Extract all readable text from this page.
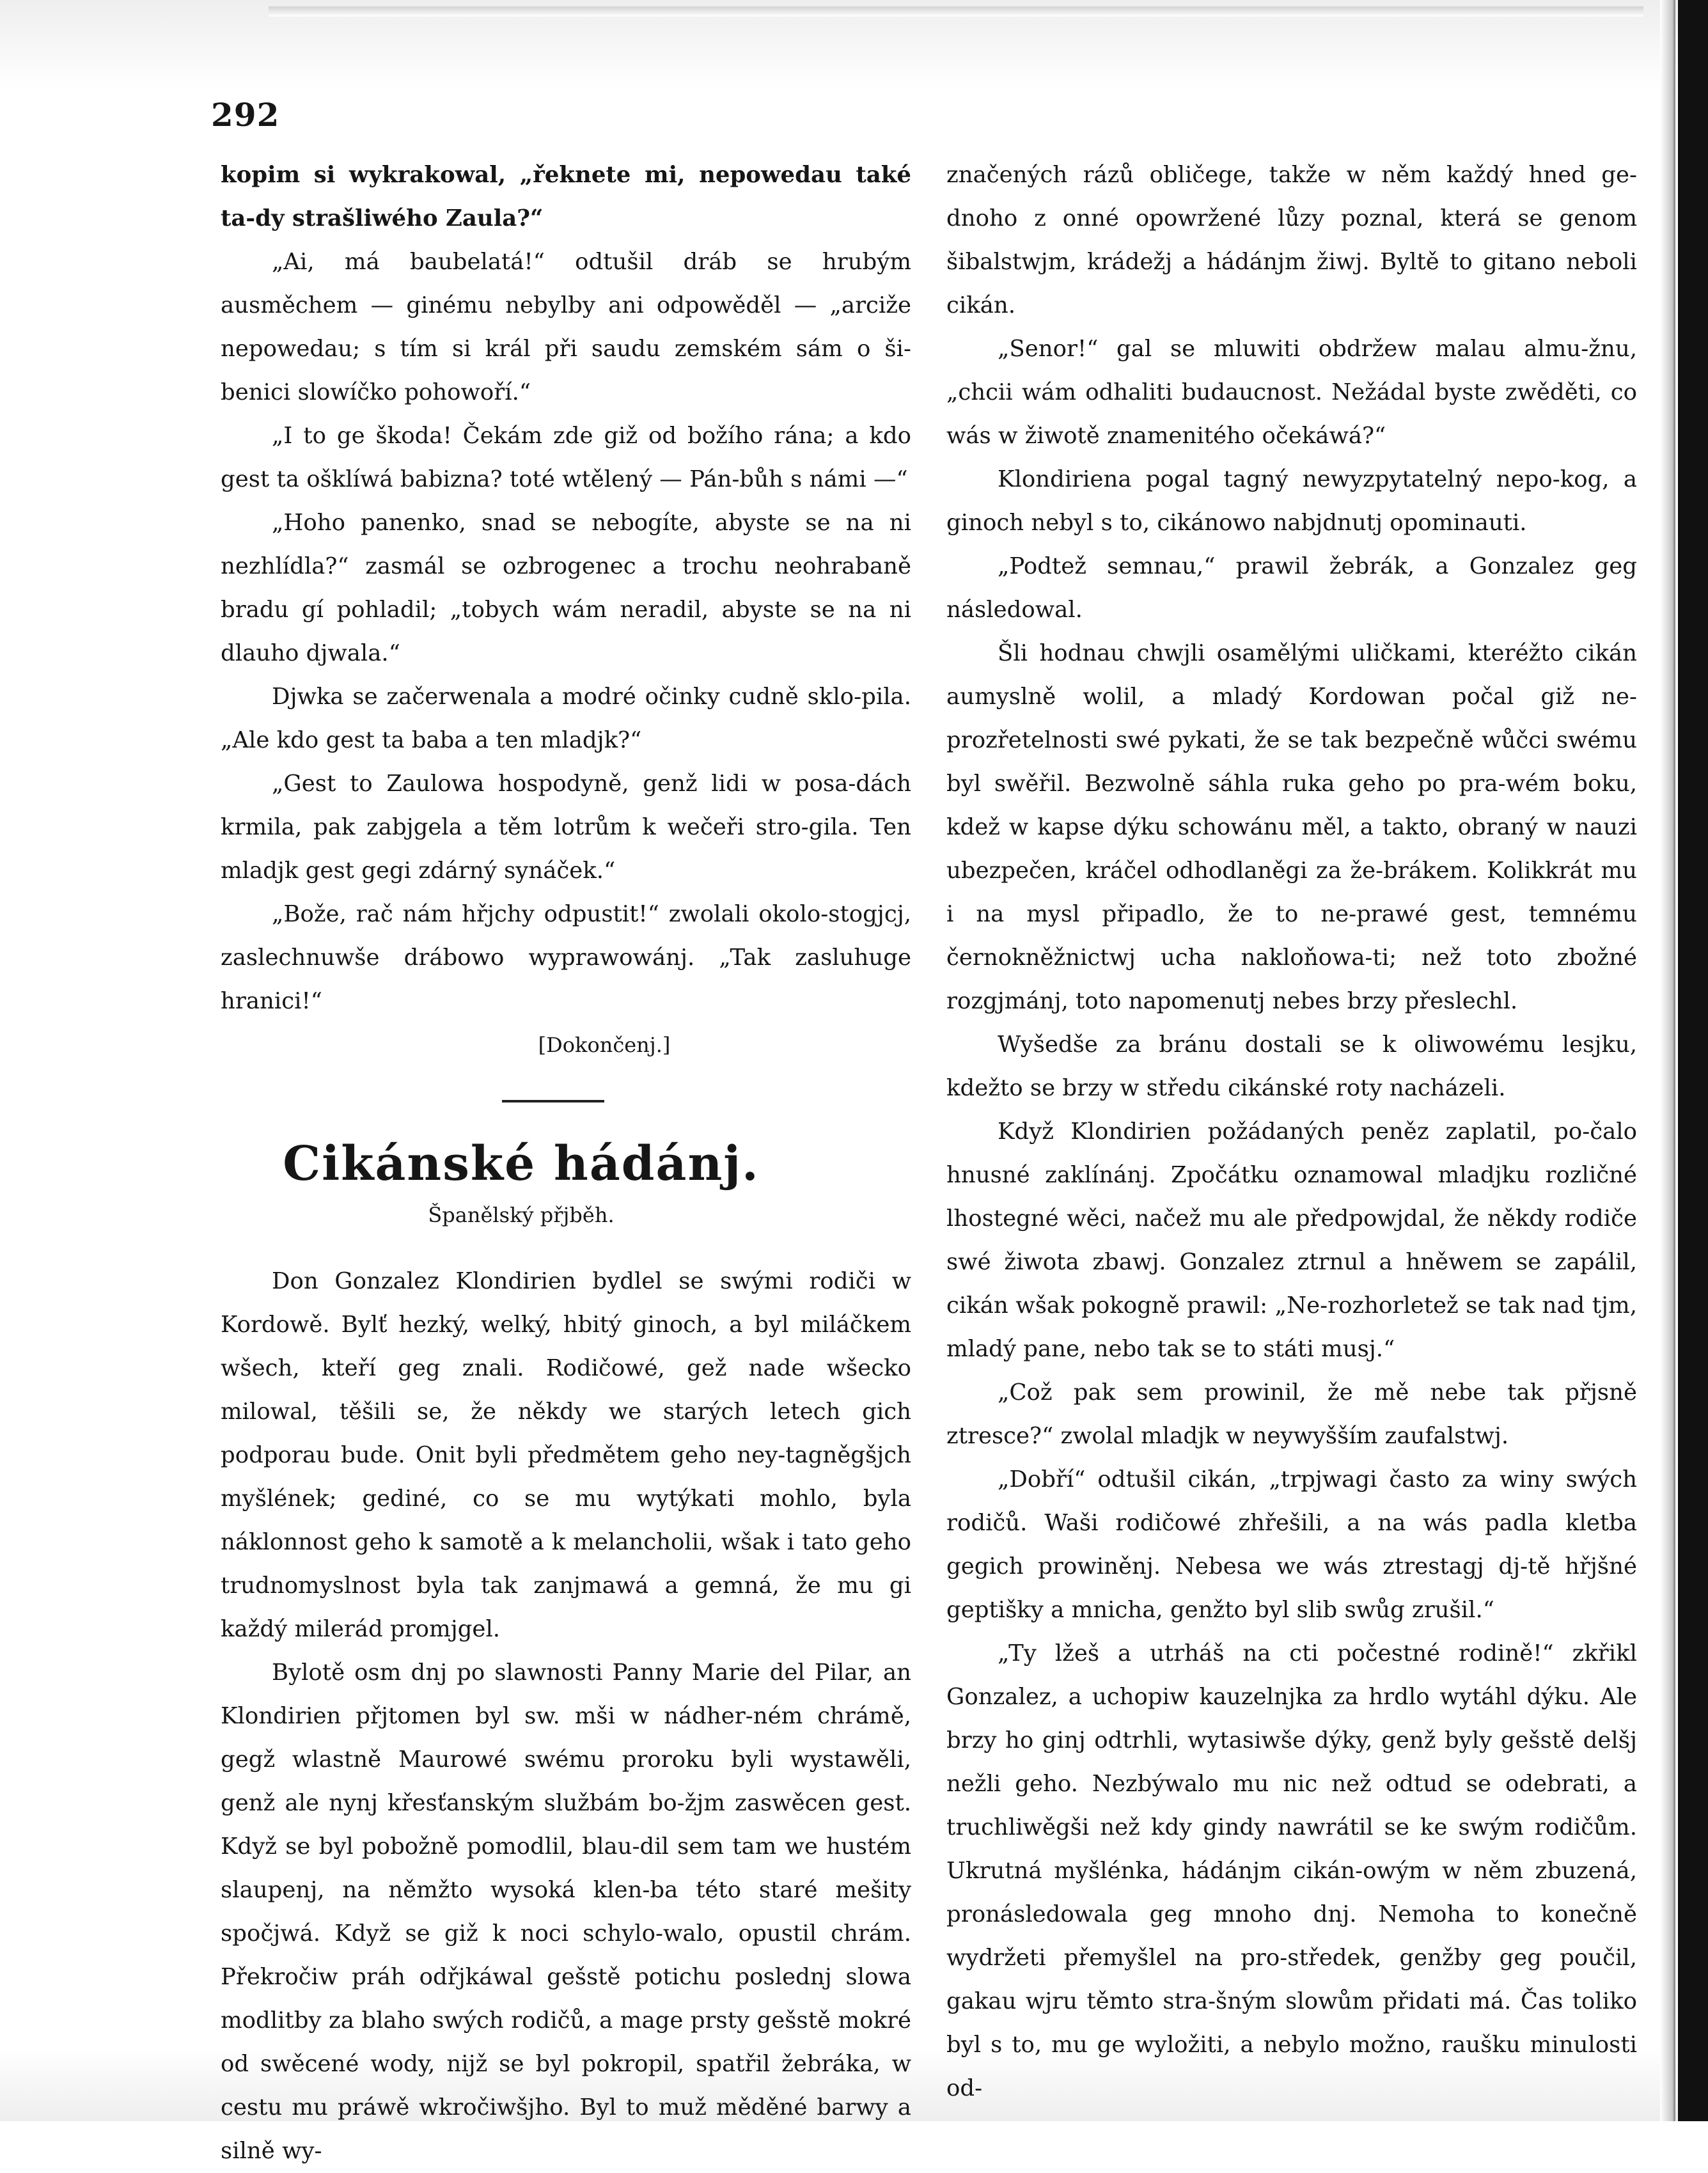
292

kopim si wykrakowal, „řeknete mi, nepowedau také ta-dy strašliwého Zaula?“

„Ai, má baubelatá!“ odtušil dráb se hrubým ausměchem — ginému nebylby ani odpowěděl — „arciže nepowedau; s tím si král při saudu zemském sám o ši-benici slowíčko pohowoří.“

„I to ge škoda! Čekám zde giž od božího rána; a kdo gest ta ošklíwá babizna? toté wtělený — Pán-bůh s námi —“

„Hoho panenko, snad se nebogíte, abyste se na ni nezhlídla?“ zasmál se ozbrogenec a trochu neohrabaně bradu gí pohladil; „tobych wám neradil, abyste se na ni dlauho djwala.“

Djwka se začerwenala a modré očinky cudně sklo-pila. „Ale kdo gest ta baba a ten mladjk?“

„Gest to Zaulowa hospodyně, genž lidi w posa-dách krmila, pak zabjgela a těm lotrům k wečeři stro-gila. Ten mladjk gest gegi zdárný synáček.“

„Bože, rač nám hřjchy odpustit!“ zwolali okolo-stogjcj, zaslechnuwše drábowo wyprawowánj. „Tak zasluhuge hranici!“

[Dokončenj.]
Cikánské hádánj.
Španělský přjběh.

Don Gonzalez Klondirien bydlel se swými rodiči w Kordowě. Bylť hezký, welký, hbitý ginoch, a byl miláčkem wšech, kteří geg znali. Rodičowé, gež nade wšecko milowal, těšili se, že někdy we starých letech gich podporau bude. Onit byli předmětem geho ney-tagněgšjch myšlének; gediné, co se mu wytýkati mohlo, byla náklonnost geho k samotě a k melancholii, wšak i tato geho trudnomyslnost byla tak zanjmawá a gemná, že mu gi každý milerád promjgel.

Bylotě osm dnj po slawnosti Panny Marie del Pilar, an Klondirien přjtomen byl sw. mši w nádher-ném chrámě, gegž wlastně Maurowé swému proroku byli wystawěli, genž ale nynj křesťanským službám bo-žjm zaswěcen gest. Když se byl pobožně pomodlil, blau-dil sem tam we hustém slaupenj, na němžto wysoká klen-ba této staré mešity spočjwá. Když se giž k noci schylo-walo, opustil chrám. Překročiw práh odřjkáwal gešstě potichu poslednj slowa modlitby za blaho swých rodičů, a mage prsty gešstě mokré od swěcené wody, nijž se byl pokropil, spatřil žebráka, w cestu mu práwě wkročiwšjho. Byl to muž měděné barwy a silně wy-

značených rázů obličege, takže w něm každý hned ge-dnoho z onné opowržené lůzy poznal, která se genom šibalstwjm, krádežj a hádánjm žiwj. Byltě to gitano neboli cikán.

„Senor!“ gal se mluwiti obdržew malau almu-žnu, „chcii wám odhaliti budaucnost. Nežádal byste zwěděti, co wás w žiwotě znamenitého očekáwá?“

Klondiriena pogal tagný newyzpytatelný nepo-kog, a ginoch nebyl s to, cikánowo nabjdnutj opominauti.

„Podtež semnau,“ prawil žebrák, a Gonzalez geg následowal.

Šli hodnau chwjli osamělými uličkami, kteréžto cikán aumyslně wolil, a mladý Kordowan počal giž ne-prozřetelnosti swé pykati, že se tak bezpečně wůčci swému byl swěřil. Bezwolně sáhla ruka geho po pra-wém boku, kdež w kapse dýku schowánu měl, a takto, obraný w nauzi ubezpečen, kráčel odhodlaněgi za že-brákem. Kolikkrát mu i na mysl připadlo, že to ne-prawé gest, temnému černokněžnictwj ucha nakloňowa-ti; než toto zbožné rozgjmánj, toto napomenutj nebes brzy přeslechl.

Wyšedše za bránu dostali se k oliwowému lesjku, kdežto se brzy w středu cikánské roty nacházeli.

Když Klondirien požádaných peněz zaplatil, po-čalo hnusné zaklínánj. Zpočátku oznamowal mladjku rozličné lhostegné wěci, načež mu ale předpowjdal, že někdy rodiče swé žiwota zbawj. Gonzalez ztrnul a hněwem se zapálil, cikán wšak pokogně prawil: „Ne-rozhorletež se tak nad tjm, mladý pane, nebo tak se to státi musj.“

„Což pak sem prowinil, že mě nebe tak přjsně ztresce?“ zwolal mladjk w neywyšším zaufalstwj.

„Dobří“ odtušil cikán, „trpjwagi často za winy swých rodičů. Waši rodičowé zhřešili, a na wás padla kletba gegich prowiněnj. Nebesa we wás ztrestagj dj-tě hřjšné geptišky a mnicha, genžto byl slib swůg zrušil.“

„Ty lžeš a utrháš na cti počestné rodině!“ zkřikl Gonzalez, a uchopiw kauzelnjka za hrdlo wytáhl dýku. Ale brzy ho ginj odtrhli, wytasiwše dýky, genž byly gešstě delšj nežli geho. Nezbýwalo mu nic než odtud se odebrati, a truchliwěgši než kdy gindy nawrátil se ke swým rodičům. Ukrutná myšlénka, hádánjm cikán-owým w něm zbuzená, pronásledowala geg mnoho dnj. Nemoha to konečně wydržeti přemyšlel na pro-středek, genžby geg poučil, gakau wjru těmto stra-šným slowům přidati má. Čas toliko byl s to, mu ge wyložiti, a nebylo možno, raušku minulosti od-
